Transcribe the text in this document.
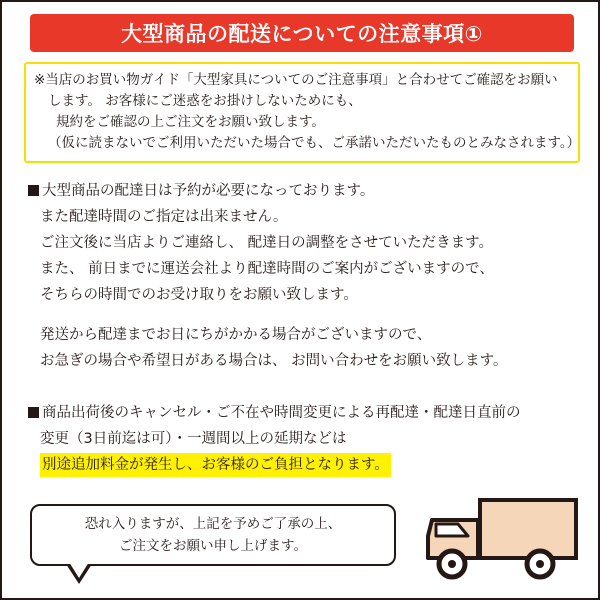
大型商品の配送についての注意事項①
※当店のお買い物ガイド「大型家具についてのご注意事項」と合わせてご確認をお願い
します。 お客様にご迷惑をお掛けしないためにも、
規約をご確認の上ご注文をお願い致します。
（仮に読まないでご利用いただいた場合でも、ご承諾いただいたものとみなされます。）
大型商品の配達日は予約が必要になっております。
また配達時間のご指定は出来ません。
ご注文後に当店よりご連絡し、 配達日の調整をさせていただきます。
また、 前日までに運送会社より配達時間のご案内がございますので、
そちらの時間でのお受け取りをお願い致します。
発送から配達までお日にちがかかる場合がございますので、
お急ぎの場合や希望日がある場合は、 お問い合わせをお願い致します。
商品出荷後のキャンセル・ご不在や時間変更による再配達・配達日直前の
変更（3日前迄は可）・一週間以上の延期などは
別途追加料金が発生し、お客様のご負担となります。
恐れ入りますが、上記を予めご了承の上、
ご注文をお願い申し上げます。
